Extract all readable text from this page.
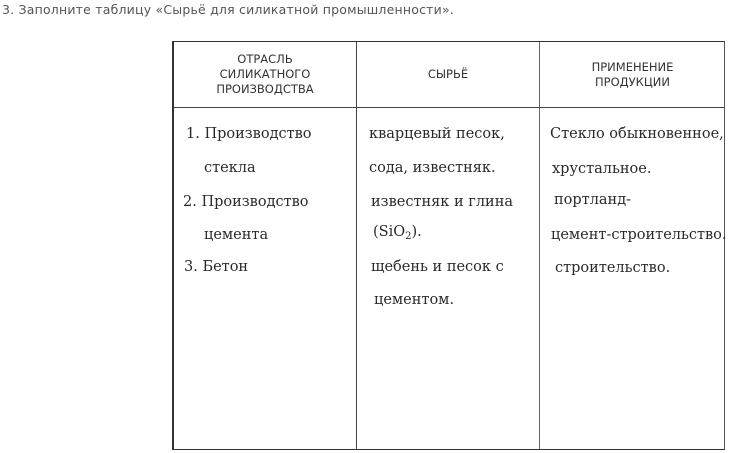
3. Заполните таблицу «Сырьё для силикатной промышленности».
ОТРАСЛЬ
СИЛИКАТНОГО
ПРОИЗВОДСТВА
СЫРЬЁ
ПРИМЕНЕНИЕ
ПРОДУКЦИИ
1. Производство
стекла
2. Производство
цемента
3. Бетон
кварцевый песок,
сода, известняк.
известняк и глина
(SiO$_2$).
щебень и песок с
цементом.
Стекло обыкновенное,
хрустальное.
портланд-
цемент-строительство.
строительство.
